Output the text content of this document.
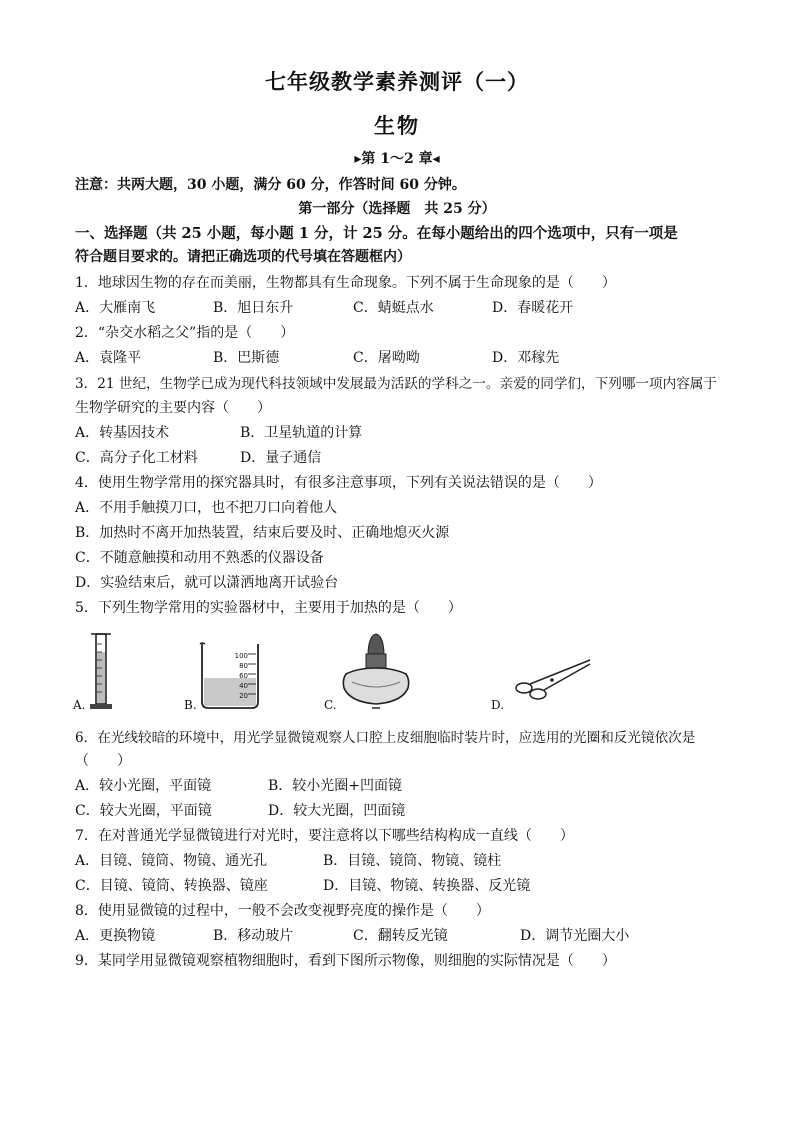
七年级教学素养测评（一）
生物
▸第 1～2 章◂
注意：共两大题，30 小题，满分 60 分，作答时间 60 分钟。
第一部分（选择题　共 25 分）
一、选择题（共 25 小题，每小题 1 分，计 25 分。在每小题给出的四个选项中，只有一项是
符合题目要求的。请把正确选项的代号填在答题框内）
1．地球因生物的存在而美丽，生物都具有生命现象。下列不属于生命现象的是（　　）
A．大雁南飞	B．旭日东升	C．蜻蜓点水	D．春暖花开
2．“杂交水稻之父”指的是（　　）
A．袁隆平	B．巴斯德	C．屠呦呦	D．邓稼先
3．21 世纪，生物学已成为现代科技领域中发展最为活跃的学科之一。亲爱的同学们，下列哪一项内容属于
生物学研究的主要内容（　　）
A．转基因技术	B．卫星轨道的计算
C．高分子化工材料	D．量子通信
4．使用生物学常用的探究器具时，有很多注意事项，下列有关说法错误的是（　　）
A．不用手触摸刀口，也不把刀口向着他人
B．加热时不离开加热装置，结束后要及时、正确地熄灭火源
C．不随意触摸和动用不熟悉的仪器设备
D．实验结束后，就可以潇洒地离开试验台
5．下列生物学常用的实验器材中，主要用于加热的是（　　）
A.	B.
100
80
60
40
20
C.	D.
6．在光线较暗的环境中，用光学显微镜观察人口腔上皮细胞临时装片时，应选用的光圈和反光镜依次是
（　　）
A．较小光圈，平面镜	B．较小光圈+凹面镜
C．较大光圈，平面镜	D．较大光圈，凹面镜
7．在对普通光学显微镜进行对光时，要注意将以下哪些结构构成一直线（　　）
A．目镜、镜筒、物镜、通光孔	B．目镜、镜筒、物镜、镜柱
C．目镜、镜筒、转换器、镜座	D．目镜、物镜、转换器、反光镜
8．使用显微镜的过程中，一般不会改变视野亮度的操作是（　　）
A．更换物镜	B．移动玻片	C．翻转反光镜	D．调节光圈大小
9．某同学用显微镜观察植物细胞时，看到下图所示物像，则细胞的实际情况是（　　）
